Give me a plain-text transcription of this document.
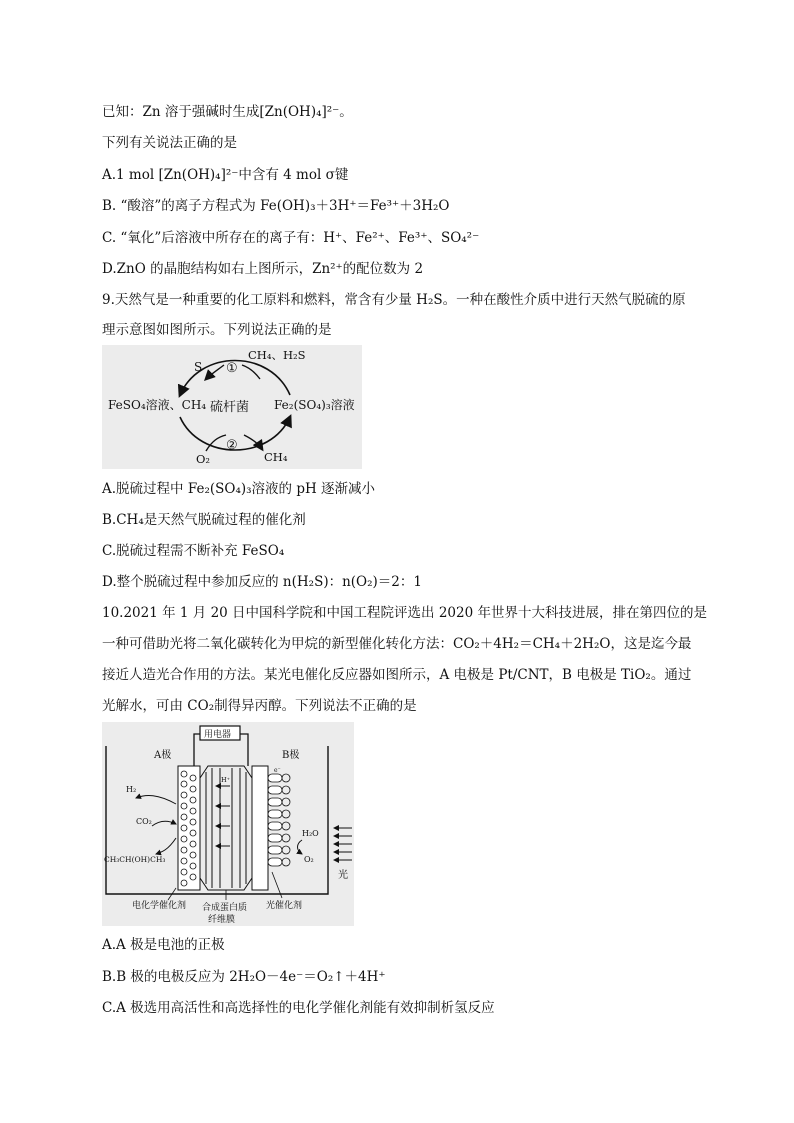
已知：Zn 溶于强碱时生成[Zn(OH)₄]²⁻。
下列有关说法正确的是
A.1 mol [Zn(OH)₄]²⁻中含有 4 mol σ键
B. “酸溶”的离子方程式为 Fe(OH)₃＋3H⁺＝Fe³⁺＋3H₂O
C. “氧化”后溶液中所存在的离子有：H⁺、Fe²⁺、Fe³⁺、SO₄²⁻
D.ZnO 的晶胞结构如右上图所示，Zn²⁺的配位数为 2
9.天然气是一种重要的化工原料和燃料，常含有少量 H₂S。一种在酸性介质中进行天然气脱硫的原
理示意图如图所示。下列说法正确的是
S ①
CH₄、H₂S
FeSO₄溶液、CH₄ 硫杆菌 Fe₂(SO₄)₃溶液
②
O₂	CH₄
A.脱硫过程中 Fe₂(SO₄)₃溶液的 pH 逐渐减小
B.CH₄是天然气脱硫过程的催化剂
C.脱硫过程需不断补充 FeSO₄
D.整个脱硫过程中参加反应的 n(H₂S)：n(O₂)＝2：1
10.2021 年 1 月 20 日中国科学院和中国工程院评选出 2020 年世界十大科技进展，排在第四位的是
一种可借助光将二氧化碳转化为甲烷的新型催化转化方法：CO₂＋4H₂＝CH₄＋2H₂O，这是迄今最
接近人造光合作用的方法。某光电催化反应器如图所示，A 电极是 Pt/CNT，B 电极是 TiO₂。通过
光解水，可由 CO₂制得异丙醇。下列说法不正确的是
用电器
A极	B极
H⁺
e⁻
H₂
CO₂
CH₃CH(OH)CH₃
H₂O
O₂
光
电化学催化剂 合成蛋白质
纤维膜
光催化剂
A.A 极是电池的正极
B.B 极的电极反应为 2H₂O－4e⁻＝O₂↑＋4H⁺
C.A 极选用高活性和高选择性的电化学催化剂能有效抑制析氢反应
